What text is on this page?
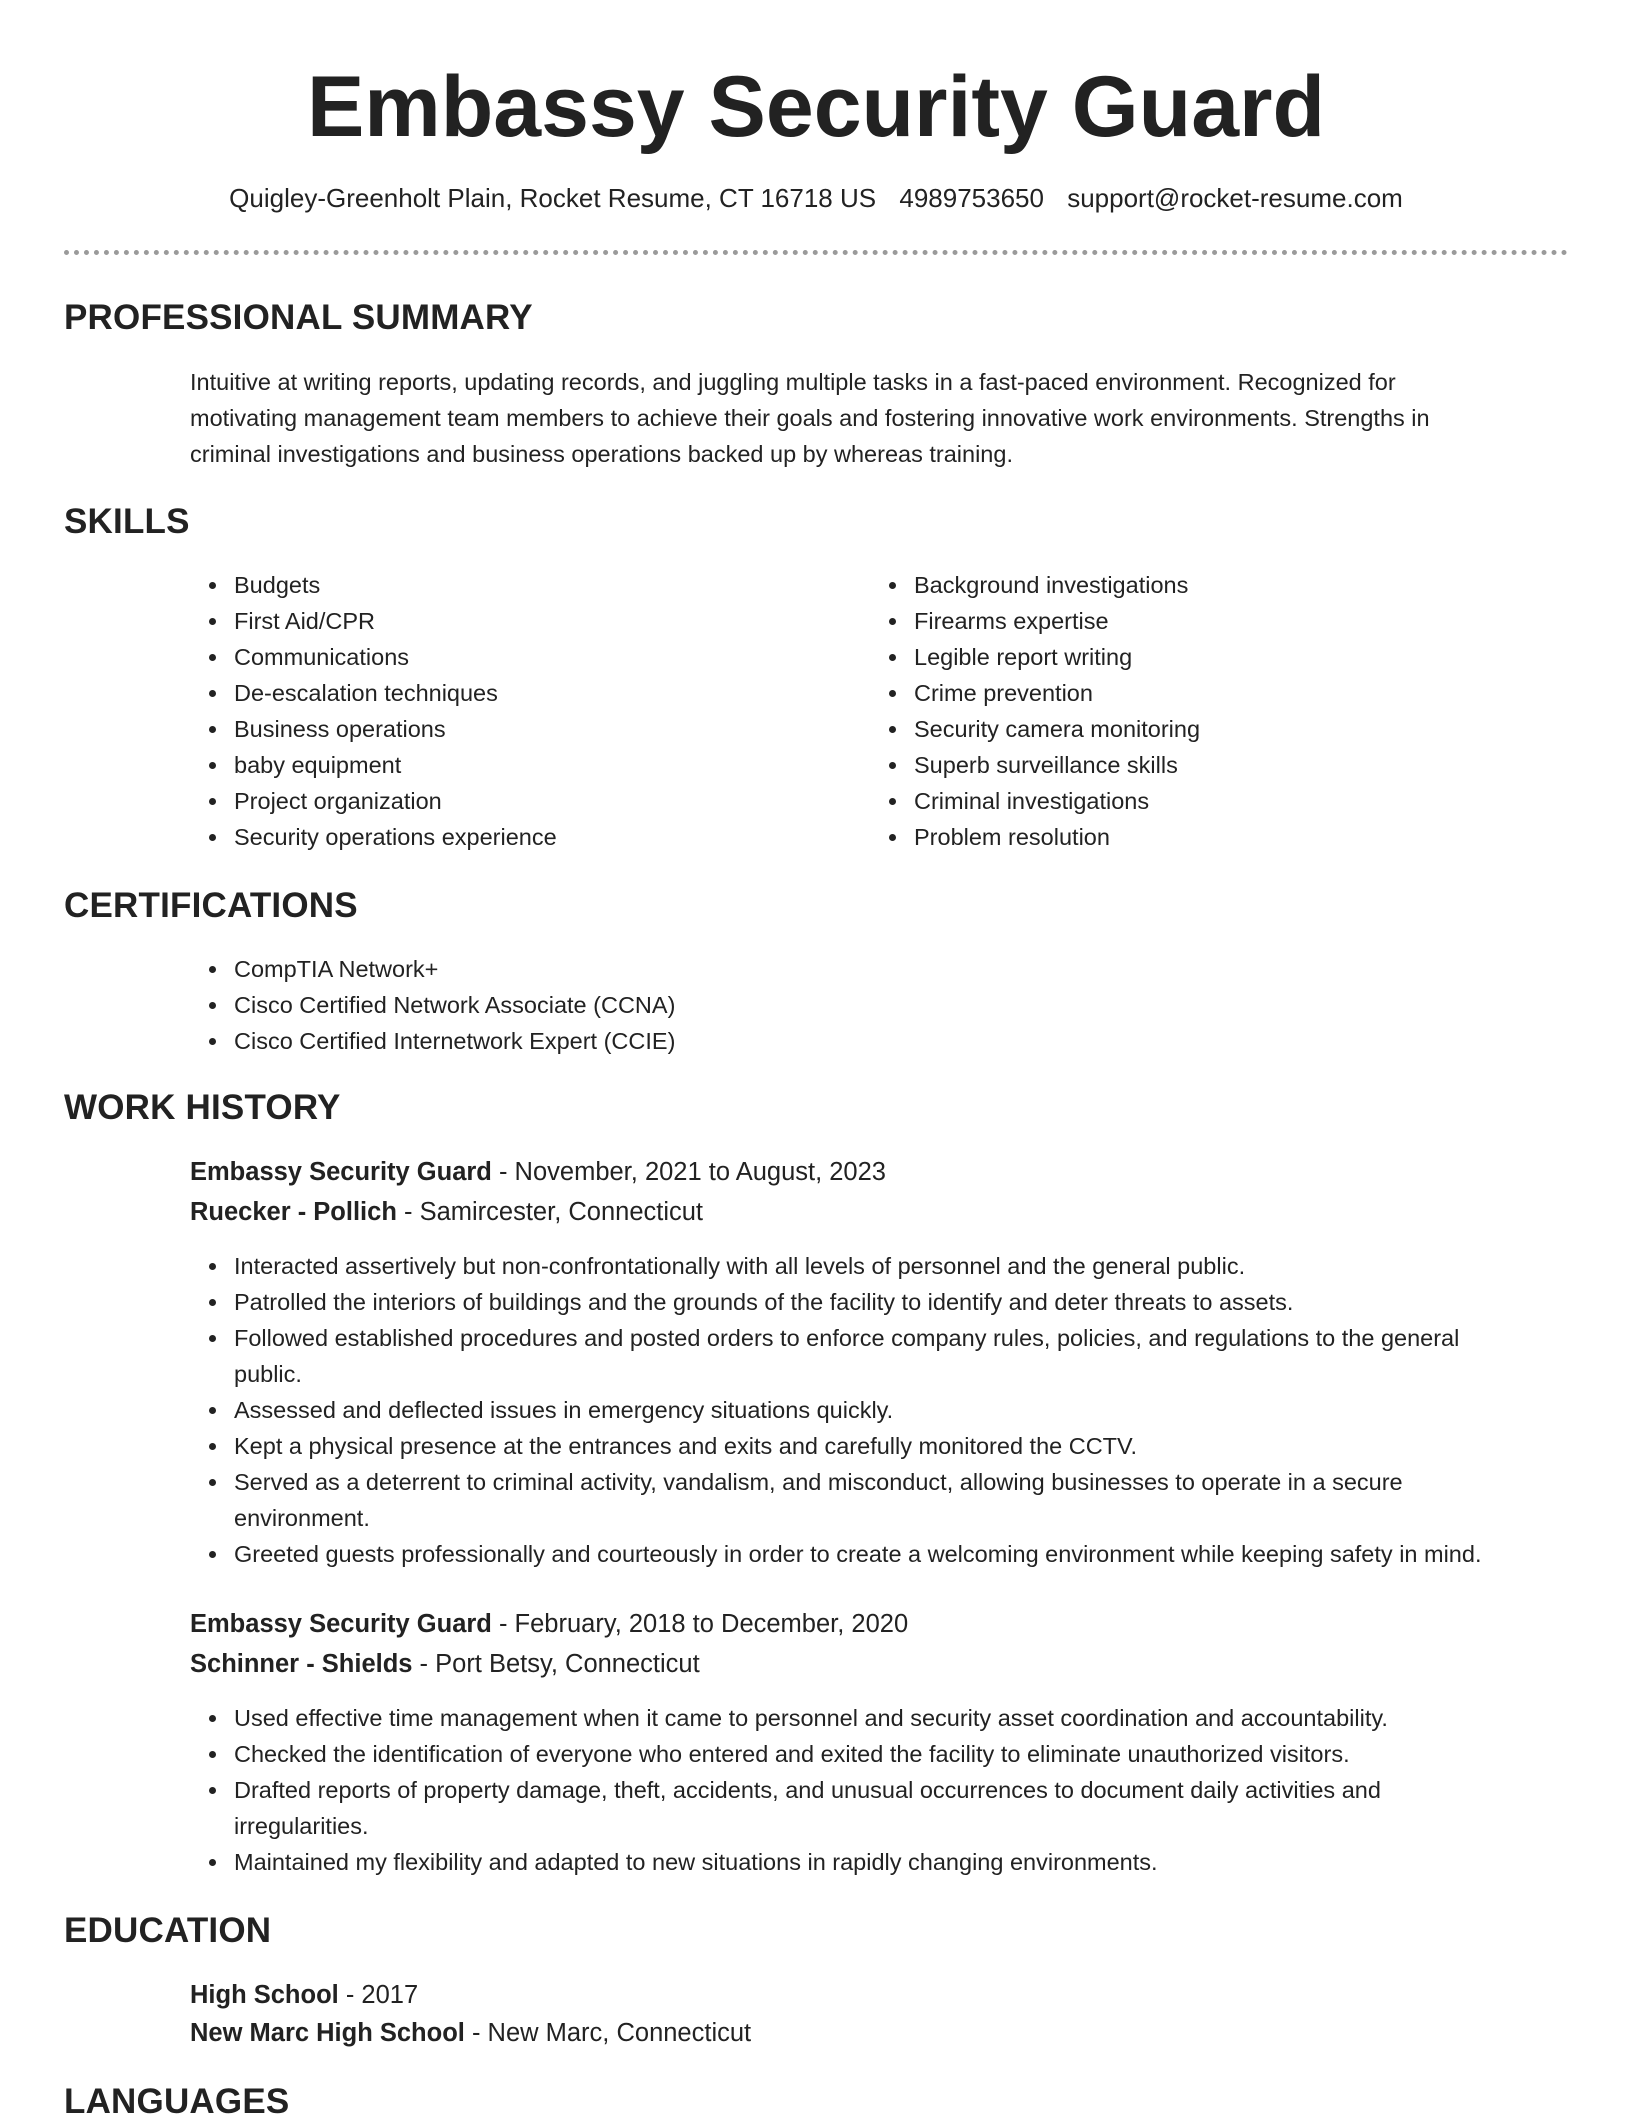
Embassy Security Guard
Quigley-Greenholt Plain, Rocket Resume, CT 16718 US 4989753650 support@rocket-resume.com
PROFESSIONAL SUMMARY
Intuitive at writing reports, updating records, and juggling multiple tasks in a fast-paced environment. Recognized for
motivating management team members to achieve their goals and fostering innovative work environments. Strengths in
criminal investigations and business operations backed up by whereas training.
SKILLS
Budgets
First Aid/CPR
Communications
De-escalation techniques
Business operations
baby equipment
Project organization
Security operations experience
Background investigations
Firearms expertise
Legible report writing
Crime prevention
Security camera monitoring
Superb surveillance skills
Criminal investigations
Problem resolution
CERTIFICATIONS
CompTIA Network+
Cisco Certified Network Associate (CCNA)
Cisco Certified Internetwork Expert (CCIE)
WORK HISTORY
Embassy Security Guard - November, 2021 to August, 2023
Ruecker - Pollich - Samircester, Connecticut
Interacted assertively but non-confrontationally with all levels of personnel and the general public.
Patrolled the interiors of buildings and the grounds of the facility to identify and deter threats to assets.
Followed established procedures and posted orders to enforce company rules, policies, and regulations to the general
public.
Assessed and deflected issues in emergency situations quickly.
Kept a physical presence at the entrances and exits and carefully monitored the CCTV.
Served as a deterrent to criminal activity, vandalism, and misconduct, allowing businesses to operate in a secure
environment.
Greeted guests professionally and courteously in order to create a welcoming environment while keeping safety in mind.
Embassy Security Guard - February, 2018 to December, 2020
Schinner - Shields - Port Betsy, Connecticut
Used effective time management when it came to personnel and security asset coordination and accountability.
Checked the identification of everyone who entered and exited the facility to eliminate unauthorized visitors.
Drafted reports of property damage, theft, accidents, and unusual occurrences to document daily activities and
irregularities.
Maintained my flexibility and adapted to new situations in rapidly changing environments.
EDUCATION
High School - 2017
New Marc High School - New Marc, Connecticut
LANGUAGES
